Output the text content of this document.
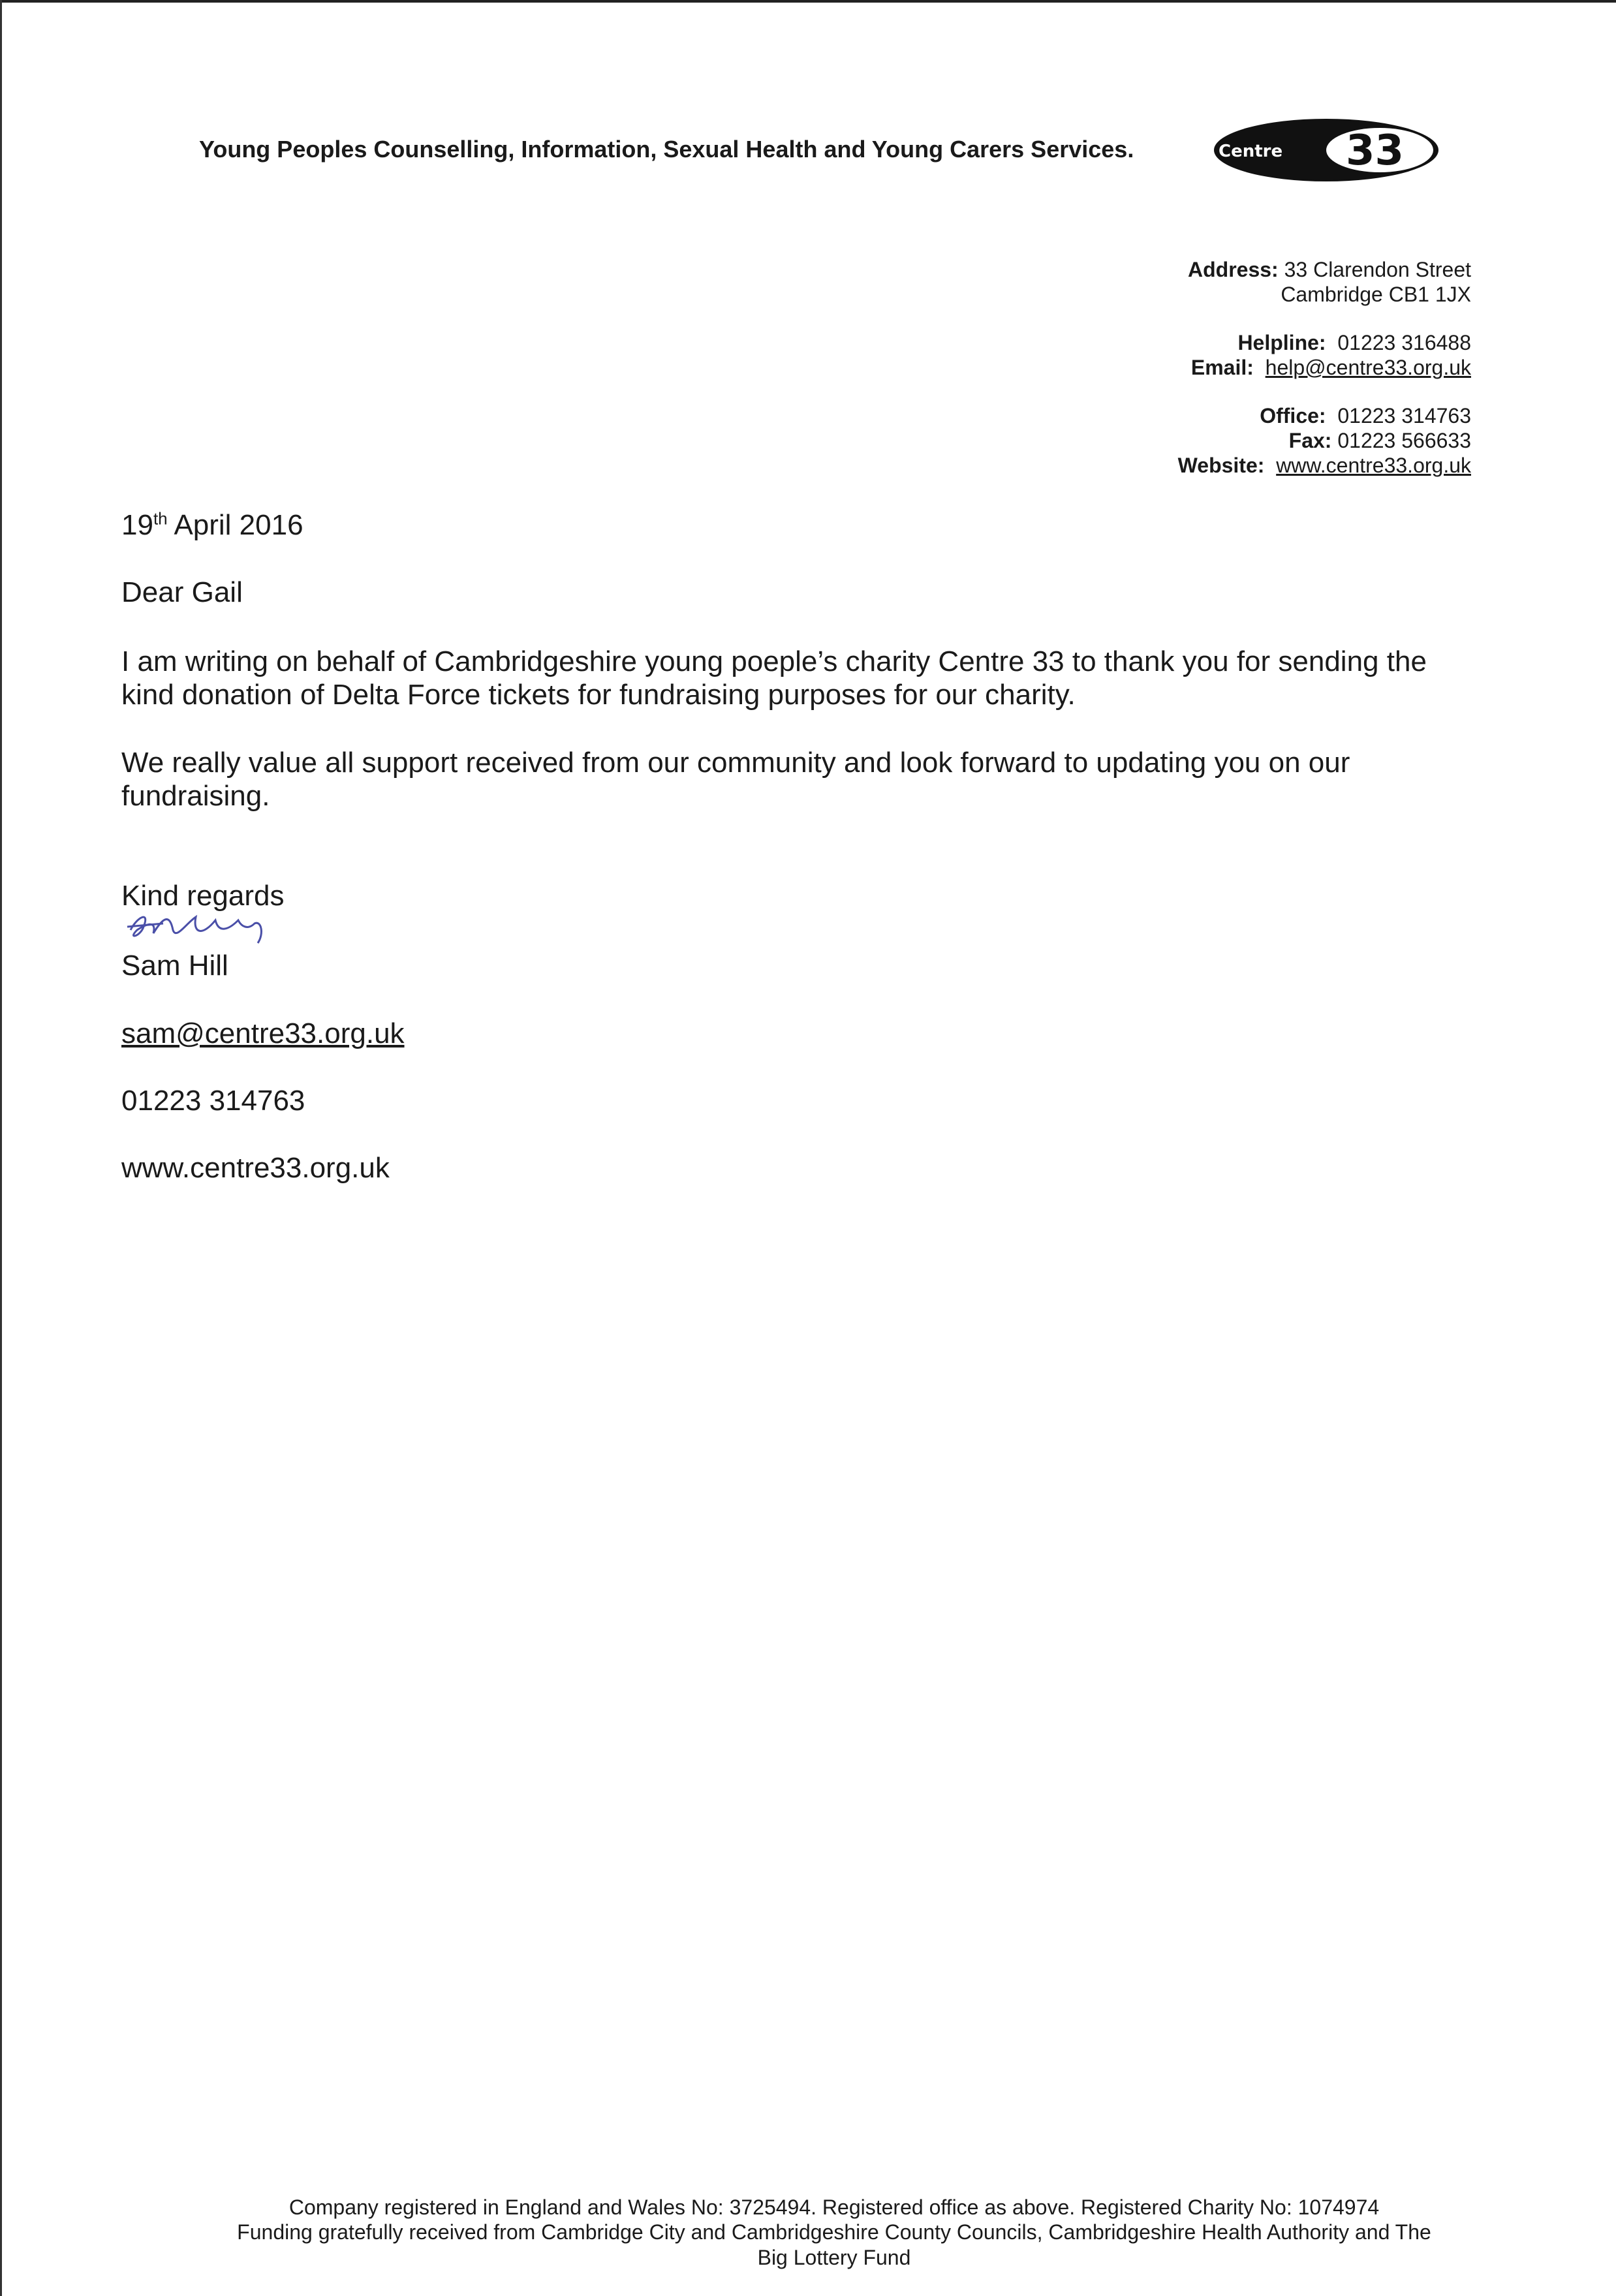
Young Peoples Counselling, Information, Sexual Health and Young Carers Services.	Centre 33
Address: 33 Clarendon Street
Cambridge CB1 1JX
Helpline: 01223 316488
Email: help@centre33.org.uk
Office: 01223 314763
Fax: 01223 566633
Website: www.centre33.org.uk
19th April 2016
Dear Gail
I am writing on behalf of Cambridgeshire young poeple’s charity Centre 33 to thank you for sending the
kind donation of Delta Force tickets for fundraising purposes for our charity.
We really value all support received from our community and look forward to updating you on our
fundraising.
Kind regards
Sam Hill
sam@centre33.org.uk
01223 314763
www.centre33.org.uk
Company registered in England and Wales No: 3725494. Registered office as above. Registered Charity No: 1074974
Funding gratefully received from Cambridge City and Cambridgeshire County Councils, Cambridgeshire Health Authority and The
Big Lottery Fund
